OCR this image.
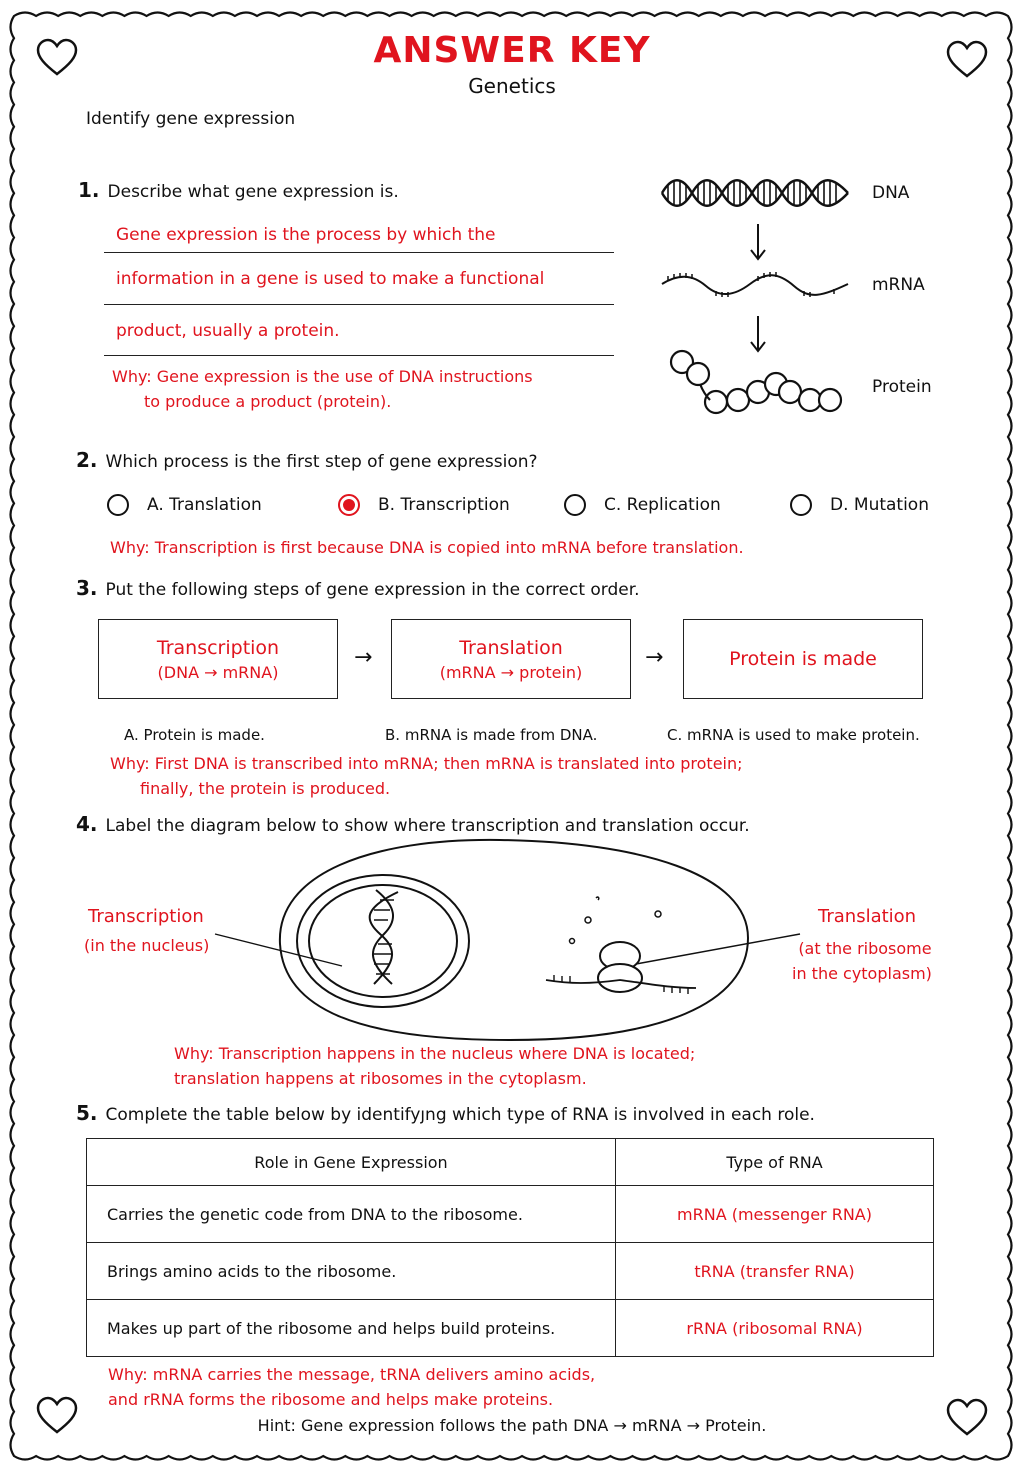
ANSWER KEY
Genetics
Identify gene expression
1. Describe what gene expression is.
Gene expression is the process by which the
information in a gene is used to make a functional
product, usually a protein.
Why: Gene expression is the use of DNA instructions
to produce a product (protein).
DNA
mRNA
Protein
2. Which process is the first step of gene expression?
A. Translation	B. Transcription	C. Replication	D. Mutation
Why: Transcription is first because DNA is copied into mRNA before translation.
3. Put the following steps of gene expression in the correct order.
Transcription
(DNA → mRNA)
→	Translation
(mRNA → protein)
→	Protein is made
A. Protein is made.	B. mRNA is made from DNA.	C. mRNA is used to make protein.
Why: First DNA is transcribed into mRNA; then mRNA is translated into protein;
finally, the protein is produced.
4. Label the diagram below to show where transcription and translation occur.
Transcription
(in the nucleus)
Translation
(at the ribosome
in the cytoplasm)
Why: Transcription happens in the nucleus where DNA is located;
translation happens at ribosomes in the cytoplasm.
5. Complete the table below by identifyյng which type of RNA is involved in each role.
Role in Gene Expression	Type of RNA
Carries the genetic code from DNA to the ribosome.	mRNA (messenger RNA)
Brings amino acids to the ribosome.	tRNA (transfer RNA)
Makes up part of the ribosome and helps build proteins.	rRNA (ribosomal RNA)
Why: mRNA carries the message, tRNA delivers amino acids,
and rRNA forms the ribosome and helps make proteins.
Hint: Gene expression follows the path DNA → mRNA → Protein.
